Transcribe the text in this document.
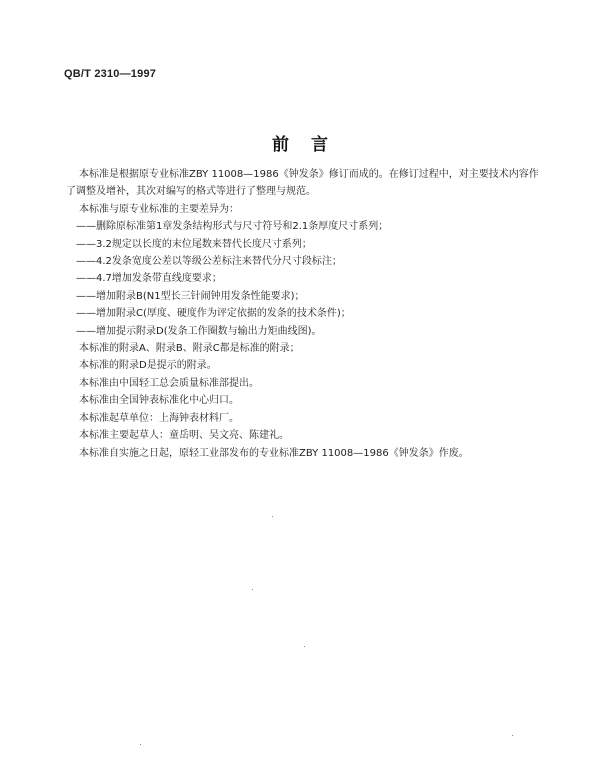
QB/T 2310—1997
前言

本标准是根据原专业标准ZBY 11008—1986《钟发条》修订而成的。在修订过程中，对主要技术内容作了调整及增补，其次对编写的格式等进行了整理与规范。

本标准与原专业标准的主要差异为：

——删除原标准第1章发条结构形式与尺寸符号和2.1条厚度尺寸系列；

——3.2规定以长度的末位尾数来替代长度尺寸系列；

——4.2发条宽度公差以等级公差标注来替代分尺寸段标注；

——4.7增加发条带直线度要求；

——增加附录B(N1型长三针闹钟用发条性能要求)；

——增加附录C(厚度、硬度作为评定依据的发条的技术条件)；

——增加提示附录D(发条工作圈数与输出力矩曲线图)。

本标准的附录A、附录B、附录C都是标准的附录；

本标准的附录D是提示的附录。

本标准由中国轻工总会质量标准部提出。

本标准由全国钟表标准化中心归口。

本标准起草单位：上海钟表材料厂。

本标准主要起草人：童岳明、吴文亮、陈建礼。

本标准自实施之日起，原轻工业部发布的专业标准ZBY 11008—1986《钟发条》作废。
